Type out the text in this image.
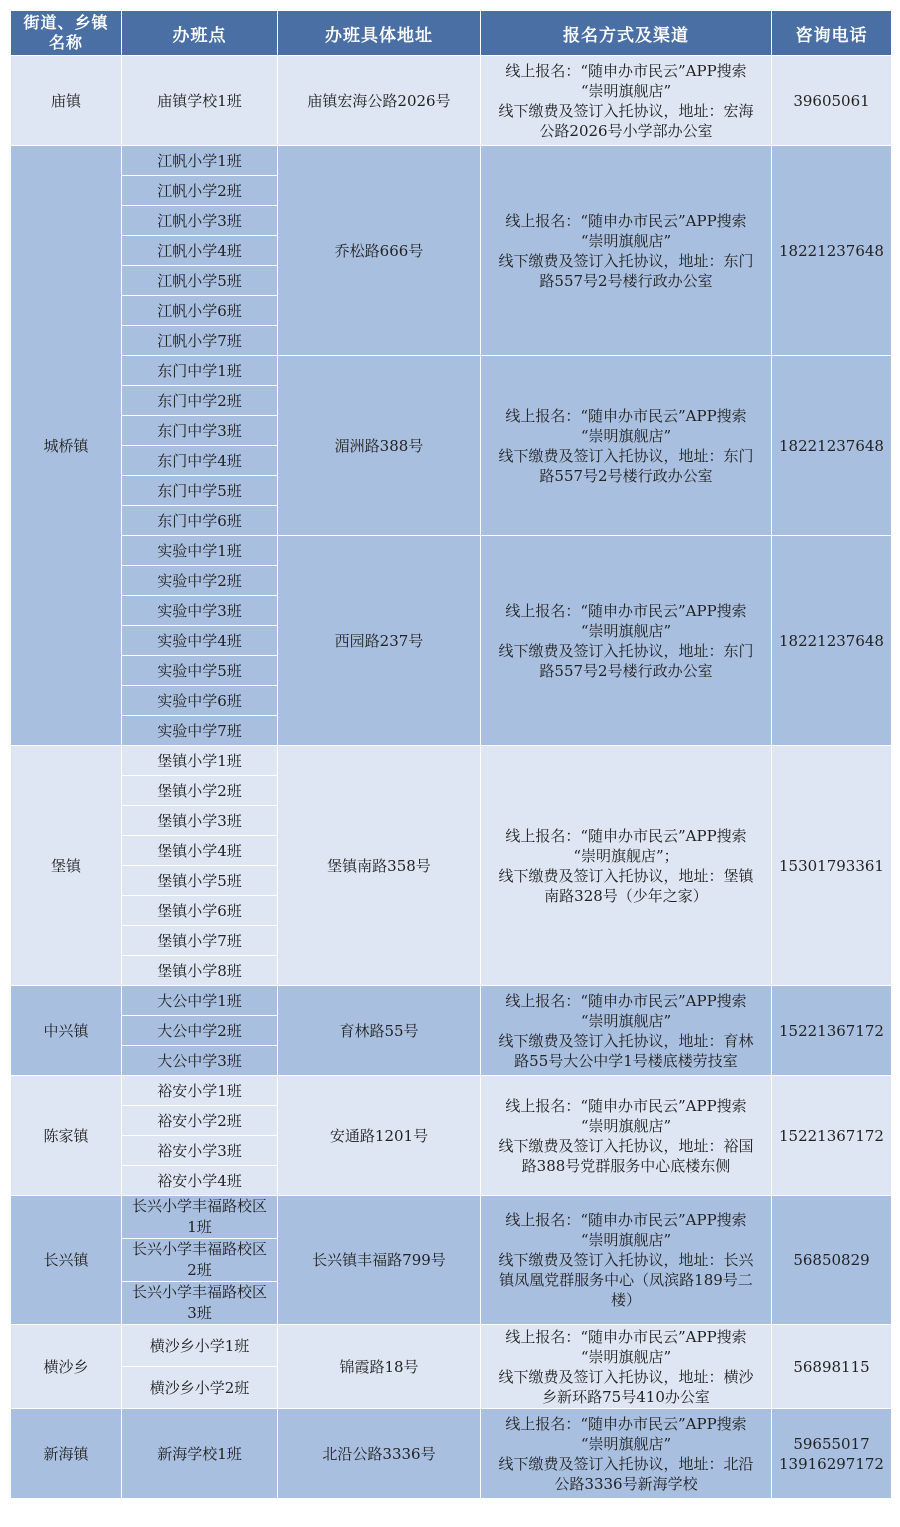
街道、乡镇
名称	办班点	办班具体地址	报名方式及渠道	咨询电话
庙镇	庙镇学校1班	庙镇宏海公路2026号	线上报名：“随申办市民云”APP搜索
“崇明旗舰店”
线下缴费及签订入托协议，地址：宏海
公路2026号小学部办公室	39605061

城桥镇	江帆小学1班	乔松路666号	线上报名：“随申办市民云”APP搜索
“崇明旗舰店”
线下缴费及签订入托协议，地址：东门
路557号2号楼行政办公室	18221237648

	江帆小学2班			
	江帆小学3班			
	江帆小学4班			
	江帆小学5班			
	江帆小学6班			
	江帆小学7班			
	东门中学1班	湄洲路388号	线上报名：“随申办市民云”APP搜索
“崇明旗舰店”
线下缴费及签订入托协议，地址：东门
路557号2号楼行政办公室	18221237648

	东门中学2班			
	东门中学3班			
	东门中学4班			
	东门中学5班			
	东门中学6班			
	实验中学1班	西园路237号	线上报名：“随申办市民云”APP搜索
“崇明旗舰店”
线下缴费及签订入托协议，地址：东门
路557号2号楼行政办公室	18221237648

	实验中学2班			
	实验中学3班			
	实验中学4班			
	实验中学5班			
	实验中学6班			
	实验中学7班			
堡镇	堡镇小学1班	堡镇南路358号	线上报名：“随申办市民云”APP搜索
“崇明旗舰店”；
线下缴费及签订入托协议，地址：堡镇
南路328号（少年之家）	15301793361

	堡镇小学2班			
	堡镇小学3班			
	堡镇小学4班			
	堡镇小学5班			
	堡镇小学6班			
	堡镇小学7班			
	堡镇小学8班			
中兴镇	大公中学1班	育林路55号	线上报名：“随申办市民云”APP搜索
“崇明旗舰店”
线下缴费及签订入托协议，地址：育林
路55号大公中学1号楼底楼劳技室	15221367172

	大公中学2班			
	大公中学3班			
陈家镇	裕安小学1班	安通路1201号	线上报名：“随申办市民云”APP搜索
“崇明旗舰店”
线下缴费及签订入托协议，地址：裕国
路388号党群服务中心底楼东侧	15221367172

	裕安小学2班			
	裕安小学3班			
	裕安小学4班			
长兴镇	长兴小学丰福路校区
1班	长兴镇丰福路799号	线上报名：“随申办市民云”APP搜索
“崇明旗舰店”
线下缴费及签订入托协议，地址：长兴
镇凤凰党群服务中心（凤滨路189号二
楼）	56850829

	长兴小学丰福路校区
2班			

	长兴小学丰福路校区
3班			

横沙乡	横沙乡小学1班	锦霞路18号	线上报名：“随申办市民云”APP搜索
“崇明旗舰店”
线下缴费及签订入托协议，地址：横沙
乡新环路75号410办公室	56898115

	横沙乡小学2班			
新海镇	新海学校1班	北沿公路3336号	线上报名：“随申办市民云”APP搜索
“崇明旗舰店”
线下缴费及签订入托协议，地址：北沿
公路3336号新海学校	59655017
13916297172
